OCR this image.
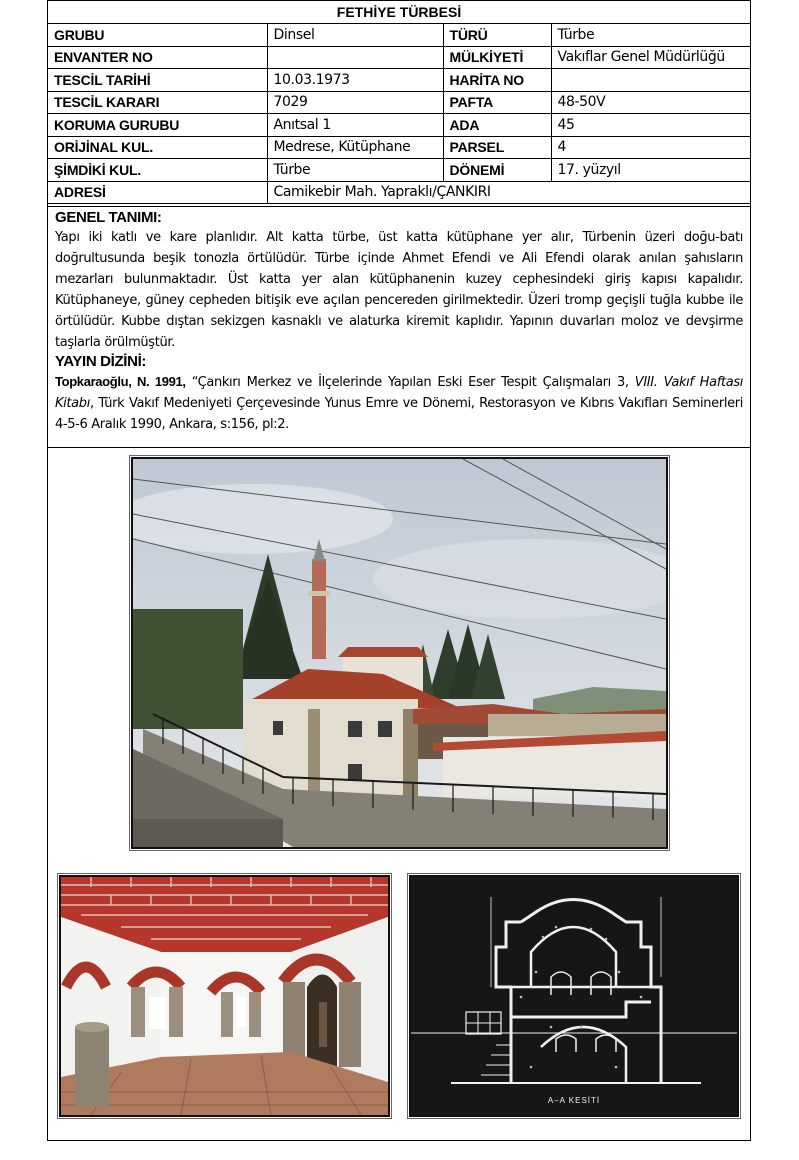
FETHİYE TÜRBESİ			
GRUBU	Dinsel	TÜRÜ	Türbe
ENVANTER NO		MÜLKİYETİ	Vakıflar Genel Müdürlüğü
TESCİL TARİHİ	10.03.1973	HARİTA NO	
TESCİL KARARI	7029	PAFTA	48-50V
KORUMA GURUBU	Anıtsal 1	ADA	45
ORİJİNAL KUL.	Medrese, Kütüphane	PARSEL	4
ŞİMDİKİ KUL.	Türbe	DÖNEMİ	17. yüzyıl
ADRESİ	Camikebir Mah. Yapraklı/ÇANKIRI		
GENEL TANIMI:

Yapı iki katlı ve kare planlıdır. Alt katta türbe, üst katta kütüphane yer alır, Türbenin üzeri doğu-batı doğrultusunda beşik tonozla örtülüdür. Türbe içinde Ahmet Efendi ve Ali Efendi olarak anılan şahısların mezarları bulunmaktadır. Üst katta yer alan kütüphanenin kuzey cephesindeki giriş kapısı kapalıdır. Kütüphaneye, güney cepheden bitişik eve açılan pencereden girilmektedir. Üzeri tromp geçişli tuğla kubbe ile örtülüdür. Kubbe dıştan sekizgen kasnaklı ve alaturka kiremit kaplıdır. Yapının duvarları moloz ve devşirme taşlarla örülmüştür.

YAYIN DİZİNİ:

Topkaraoğlu, N. 1991, “Çankırı Merkez ve İlçelerinde Yapılan Eski Eser Tespit Çalışmaları 3, VIII. Vakıf Haftası Kitabı, Türk Vakıf Medeniyeti Çerçevesinde Yunus Emre ve Dönemi, Restorasyon ve Kıbrıs Vakıfları Seminerleri 4-5-6 Aralık 1990, Ankara, s:156, pl:2.

A–A KESİTİ
